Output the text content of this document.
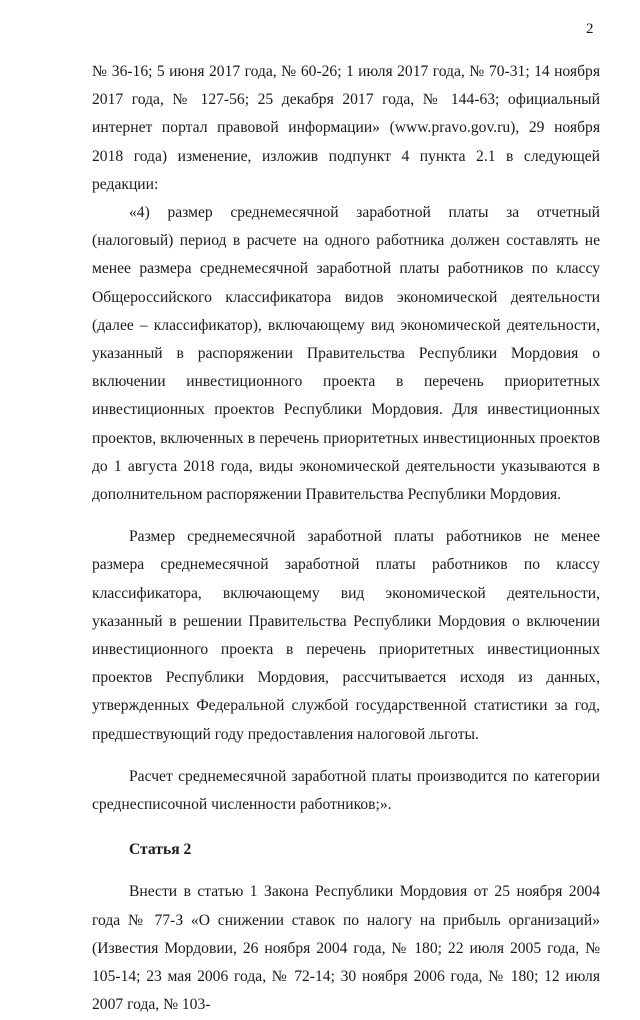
2

№ 36-16; 5 июня 2017 года, № 60-26; 1 июля 2017 года, № 70-31; 14 ноября 2017 года, № 127-56; 25 декабря 2017 года, № 144-63; официальный интернет портал правовой информации» (www.pravo.gov.ru), 29 ноября 2018 года) изменение, изложив подпункт 4 пункта 2.1 в следующей редакции:

«4) размер среднемесячной заработной платы за отчетный (налоговый) период в расчете на одного работника должен составлять не менее размера среднемесячной заработной платы работников по классу Общероссийского классификатора видов экономической деятельности (далее – классификатор), включающему вид экономической деятельности, указанный в распоряжении Правительства Республики Мордовия о включении инвестиционного проекта в перечень приоритетных инвестиционных проектов Республики Мордовия. Для инвестиционных проектов, включенных в перечень приоритетных инвестиционных проектов до 1 августа 2018 года, виды экономической деятельности указываются в дополнительном распоряжении Правительства Республики Мордовия.

Размер среднемесячной заработной платы работников не менее размера среднемесячной заработной платы работников по классу классификатора, включающему вид экономической деятельности, указанный в решении Правительства Республики Мордовия о включении инвестиционного проекта в перечень приоритетных инвестиционных проектов Республики Мордовия, рассчитывается исходя из данных, утвержденных Федеральной службой государственной статистики за год, предшествующий году предоставления налоговой льготы.

Расчет среднемесячной заработной платы производится по категории среднесписочной численности работников;».

Статья 2

Внести в статью 1 Закона Республики Мордовия от 25 ноября 2004 года № 77-З «О снижении ставок по налогу на прибыль организаций» (Известия Мордовии, 26 ноября 2004 года, № 180; 22 июля 2005 года, № 105-14; 23 мая 2006 года, № 72-14; 30 ноября 2006 года, № 180; 12 июля 2007 года, № 103-
